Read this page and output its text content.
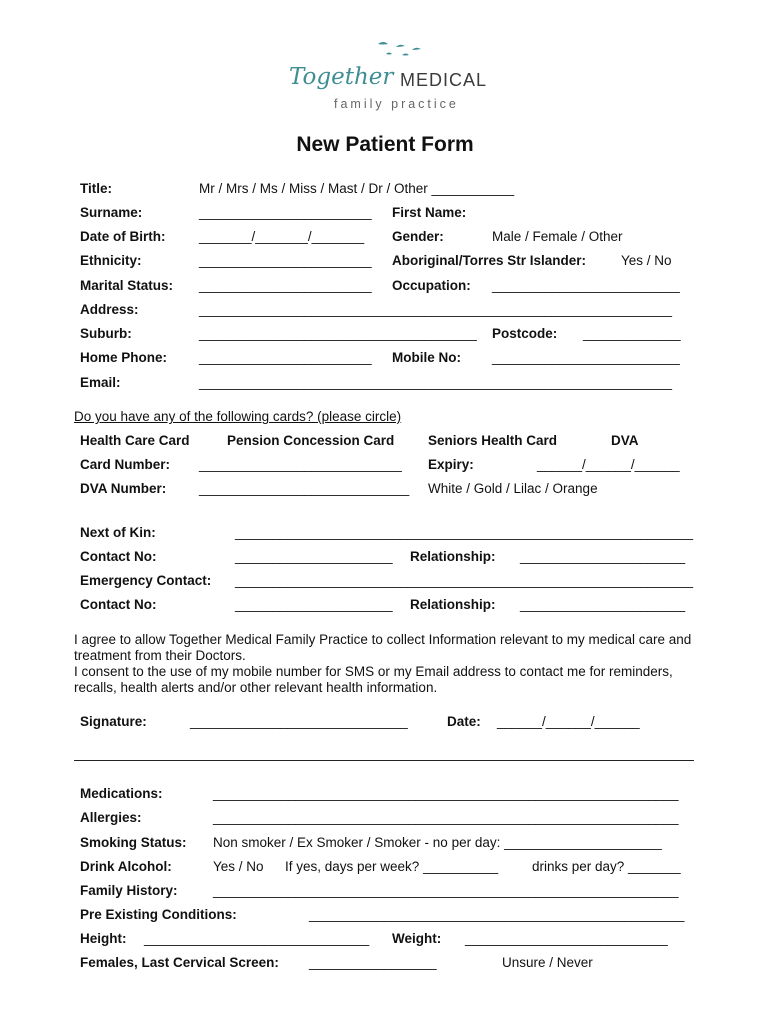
Together MEDICAL
family practice
New Patient Form
Title:	Mr / Mrs / Ms / Miss / Mast / Dr / Other ___________
Surname:	_______________________ First Name:
Date of Birth: _______/_______/_______ Gender:	Male / Female / Other
Ethnicity:	_______________________ Aboriginal/Torres Str Islander:	Yes / No
Marital Status: _______________________ Occupation: _________________________
Address:	_______________________________________________________________
Suburb:	_____________________________________ Postcode: _____________
Home Phone: _______________________ Mobile No: _________________________
Email:	_______________________________________________________________
Do you have any of the following cards? (please circle)
Health Care Card	Pension Concession Card Seniors Health Card	DVA
Card Number: ___________________________ Expiry:	______/______/______
DVA Number: ____________________________ White / Gold / Lilac / Orange
Next of Kin:	_____________________________________________________________
Contact No:	_____________________ Relationship: ______________________
Emergency Contact: _____________________________________________________________
Contact No:	_____________________ Relationship: ______________________
I agree to allow Together Medical Family Practice to collect Information relevant to my medical care and treatment from their Doctors.
I consent to the use of my mobile number for SMS or my Email address to contact me for reminders, recalls, health alerts and/or other relevant health information.
Signature:	_____________________________	Date: ______/______/______
Medications:	______________________________________________________________
Allergies:	______________________________________________________________
Smoking Status: Non smoker / Ex Smoker / Smoker - no per day: _____________________
Drink Alcohol:	Yes / No If yes, days per week? __________	drinks per day? _______
Family History:	______________________________________________________________
Pre Existing Conditions:	__________________________________________________
Height: ______________________________ Weight: ___________________________
Females, Last Cervical Screen: _________________	Unsure / Never
